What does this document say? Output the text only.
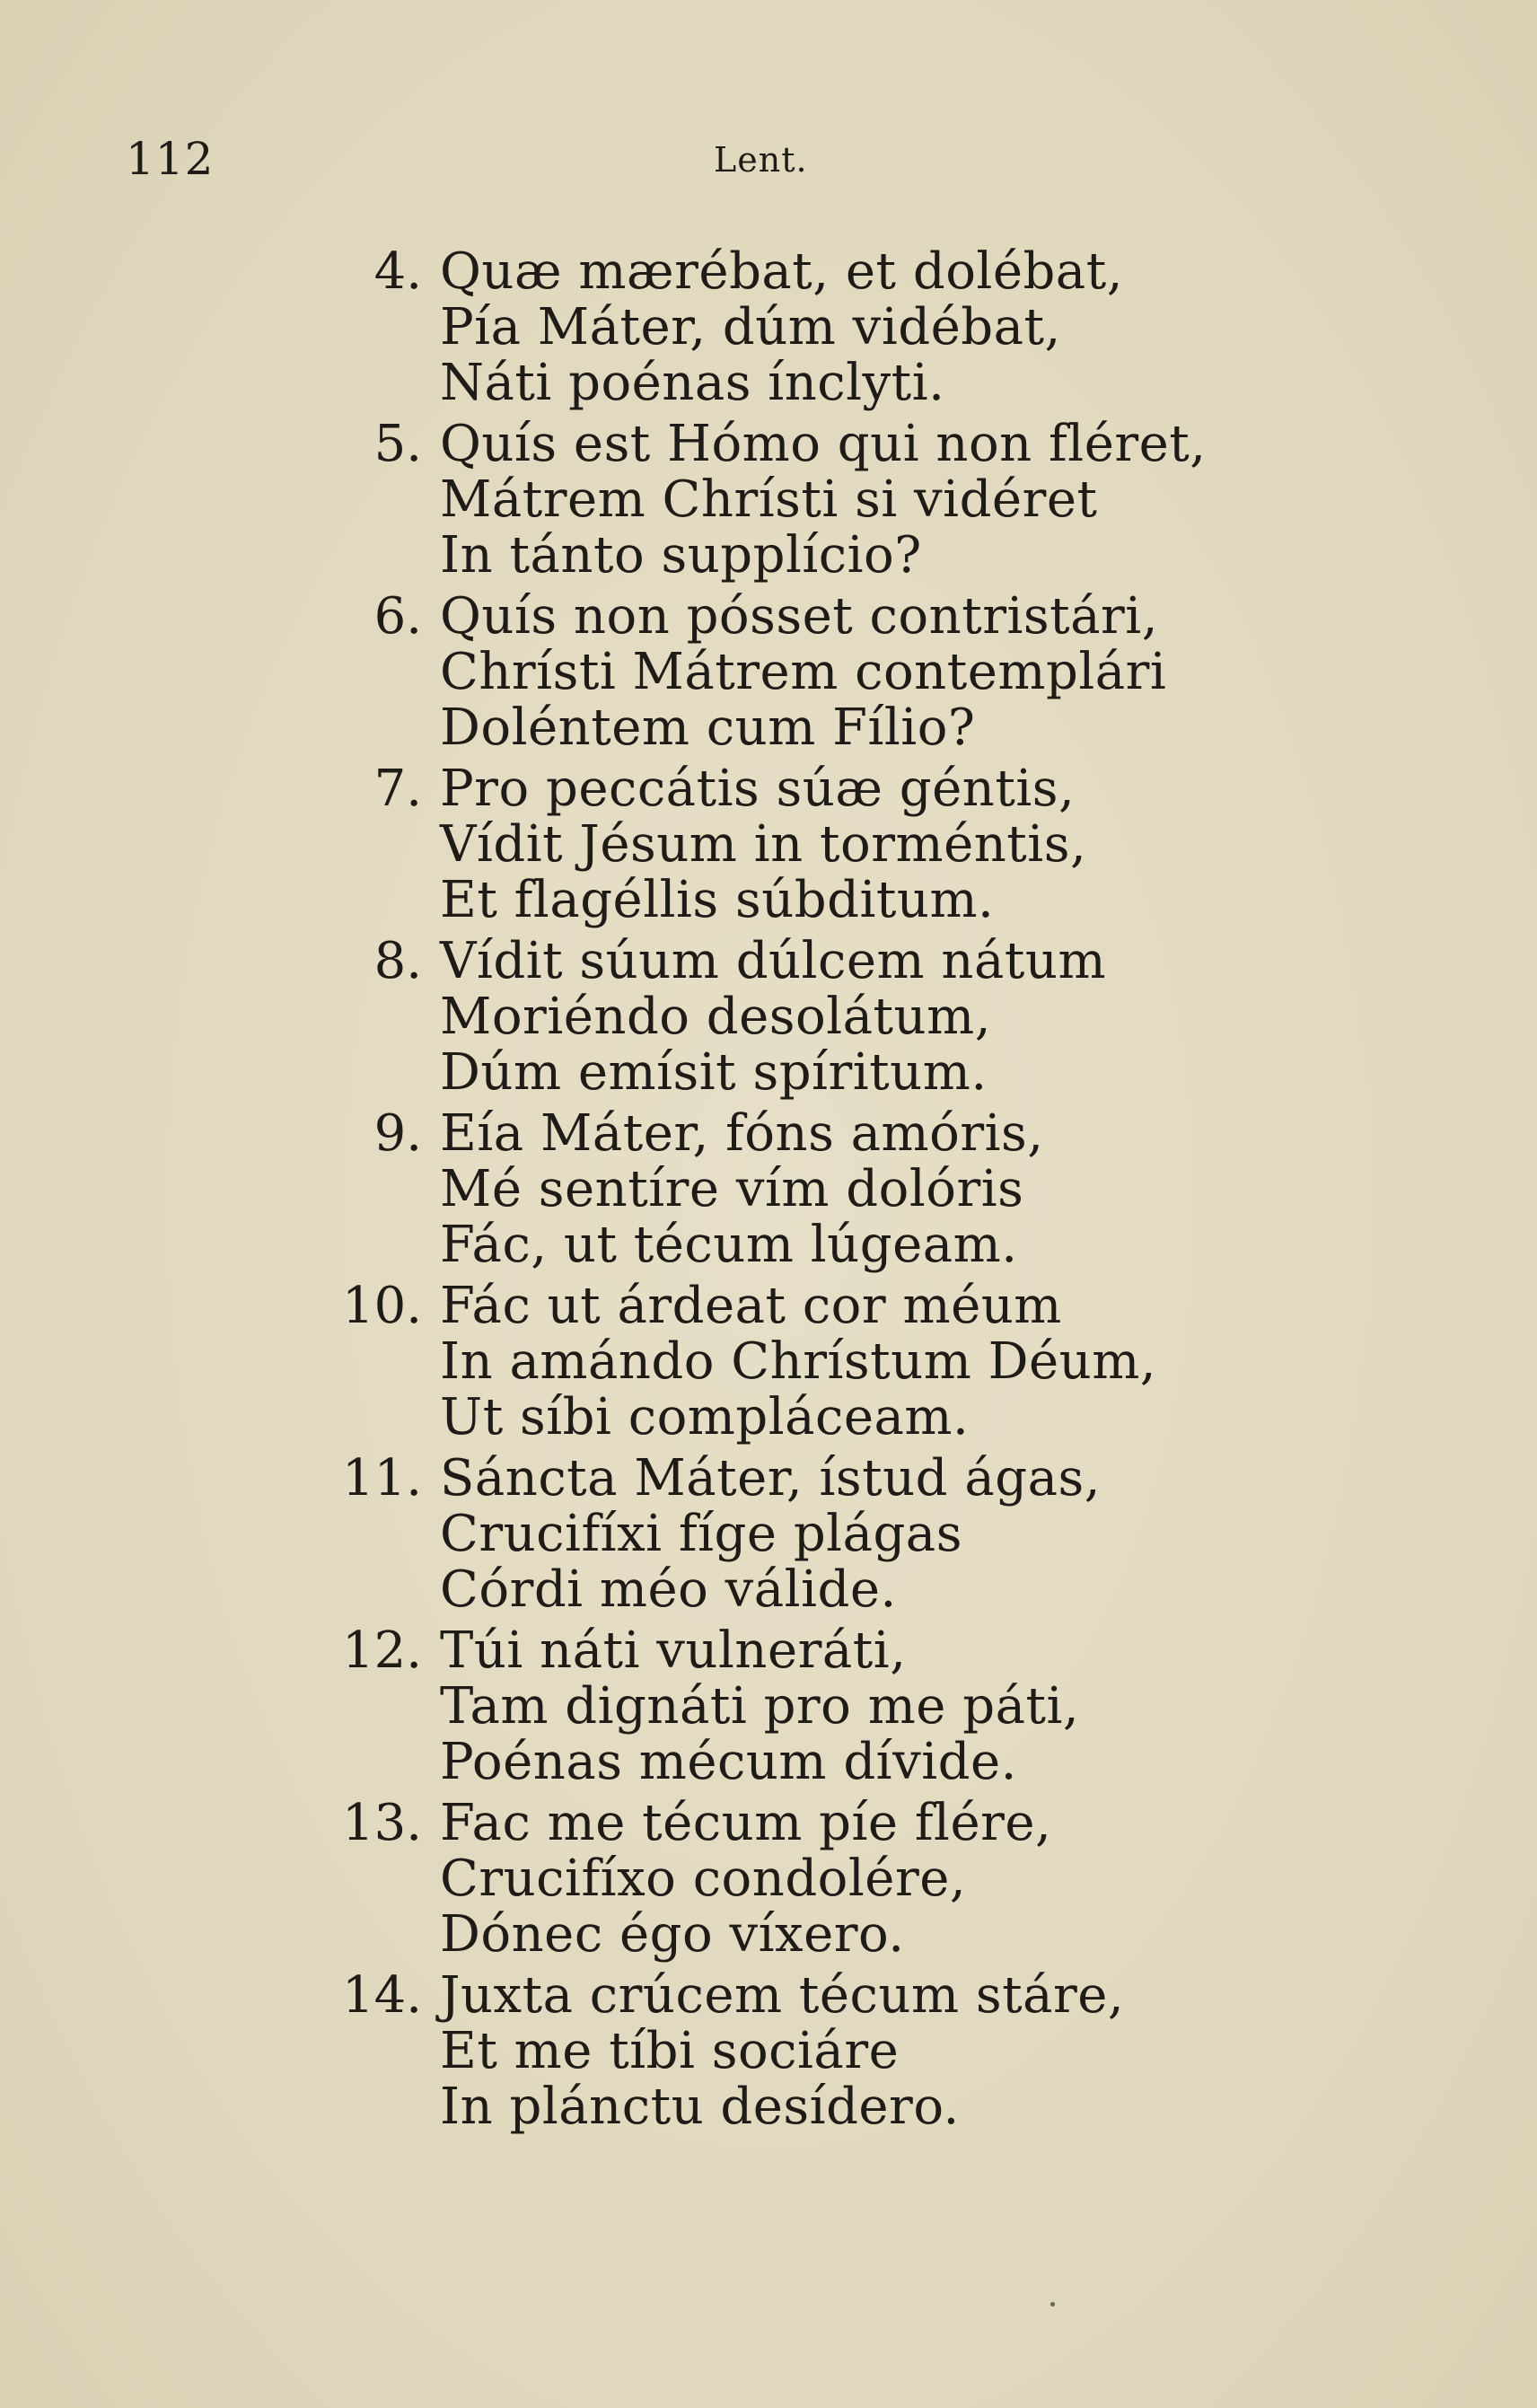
112	Lent.
4. Quæ mærébat, et dolébat,
Pía Máter, dúm vidébat,
Náti poénas ínclyti.
5. Quís est Hómo qui non fléret,
Mátrem Chrísti si vidéret
In tánto supplício?
6. Quís non pósset contristári,
Chrísti Mátrem contemplári
Doléntem cum Fílio?
7. Pro peccátis súæ géntis,
Vídit Jésum in torméntis,
Et flagéllis súbditum.
8. Vídit súum dúlcem nátum
Moriéndo desolátum,
Dúm emísit spíritum.
9. Eía Máter, fóns amóris,
Mé sentíre vím dolóris
Fác, ut técum lúgeam.
10. Fác ut árdeat cor méum
In amándo Chrístum Déum,
Ut síbi compláceam.
11. Sáncta Máter, ístud ágas,
Crucifíxi fíge plágas
Córdi méo válide.
12. Túi náti vulneráti,
Tam dignáti pro me páti,
Poénas mécum dívide.
13. Fac me técum píe flére,
Crucifíxo condolére,
Dónec égo víxero.
14. Juxta crúcem técum stáre,
Et me tíbi sociáre
In plánctu desídero.
